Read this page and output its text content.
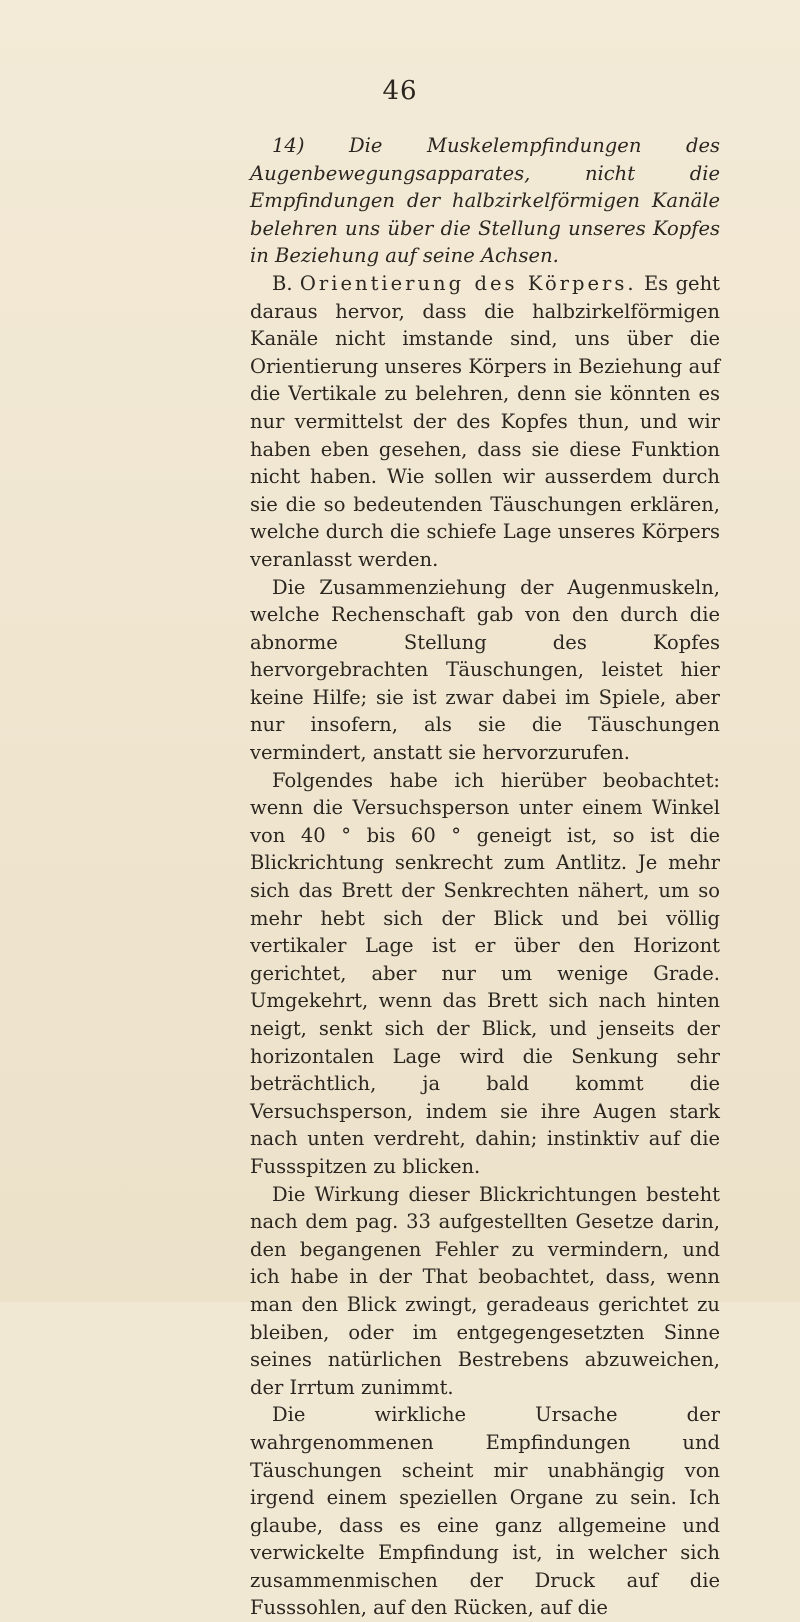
46

14) Die Muskelempfindungen des Augenbewegungsapparates, nicht die Empfindungen der halbzirkelförmigen Kanäle belehren uns über die Stellung unseres Kopfes in Beziehung auf seine Achsen.

B. Orientierung des Körpers. Es geht daraus hervor, dass die halbzirkelförmigen Kanäle nicht imstande sind, uns über die Orientierung unseres Körpers in Beziehung auf die Vertikale zu belehren, denn sie könnten es nur vermittelst der des Kopfes thun, und wir haben eben gesehen, dass sie diese Funktion nicht haben. Wie sollen wir ausserdem durch sie die so bedeutenden Täuschungen erklären, welche durch die schiefe Lage unseres Körpers veranlasst werden.

Die Zusammenziehung der Augenmuskeln, welche Rechenschaft gab von den durch die abnorme Stellung des Kopfes hervorgebrachten Täuschungen, leistet hier keine Hilfe; sie ist zwar dabei im Spiele, aber nur insofern, als sie die Täuschungen vermindert, anstatt sie hervorzurufen.

Folgendes habe ich hierüber beobachtet: wenn die Versuchsperson unter einem Winkel von 40 ° bis 60 ° geneigt ist, so ist die Blickrichtung senkrecht zum Antlitz. Je mehr sich das Brett der Senkrechten nähert, um so mehr hebt sich der Blick und bei völlig vertikaler Lage ist er über den Horizont gerichtet, aber nur um wenige Grade. Umgekehrt, wenn das Brett sich nach hinten neigt, senkt sich der Blick, und jenseits der horizontalen Lage wird die Senkung sehr beträchtlich, ja bald kommt die Versuchsperson, indem sie ihre Augen stark nach unten verdreht, dahin; instinktiv auf die Fussspitzen zu blicken.

Die Wirkung dieser Blickrichtungen besteht nach dem pag. 33 aufgestellten Gesetze darin, den begangenen Fehler zu vermindern, und ich habe in der That beobachtet, dass, wenn man den Blick zwingt, geradeaus gerichtet zu bleiben, oder im entgegengesetzten Sinne seines natürlichen Bestrebens abzuweichen, der Irrtum zunimmt.

Die wirkliche Ursache der wahrgenommenen Empfindungen und Täuschungen scheint mir unabhängig von irgend einem speziellen Organe zu sein. Ich glaube, dass es eine ganz allgemeine und verwickelte Empfindung ist, in welcher sich zusammenmischen der Druck auf die Fusssohlen, auf den Rücken, auf die
